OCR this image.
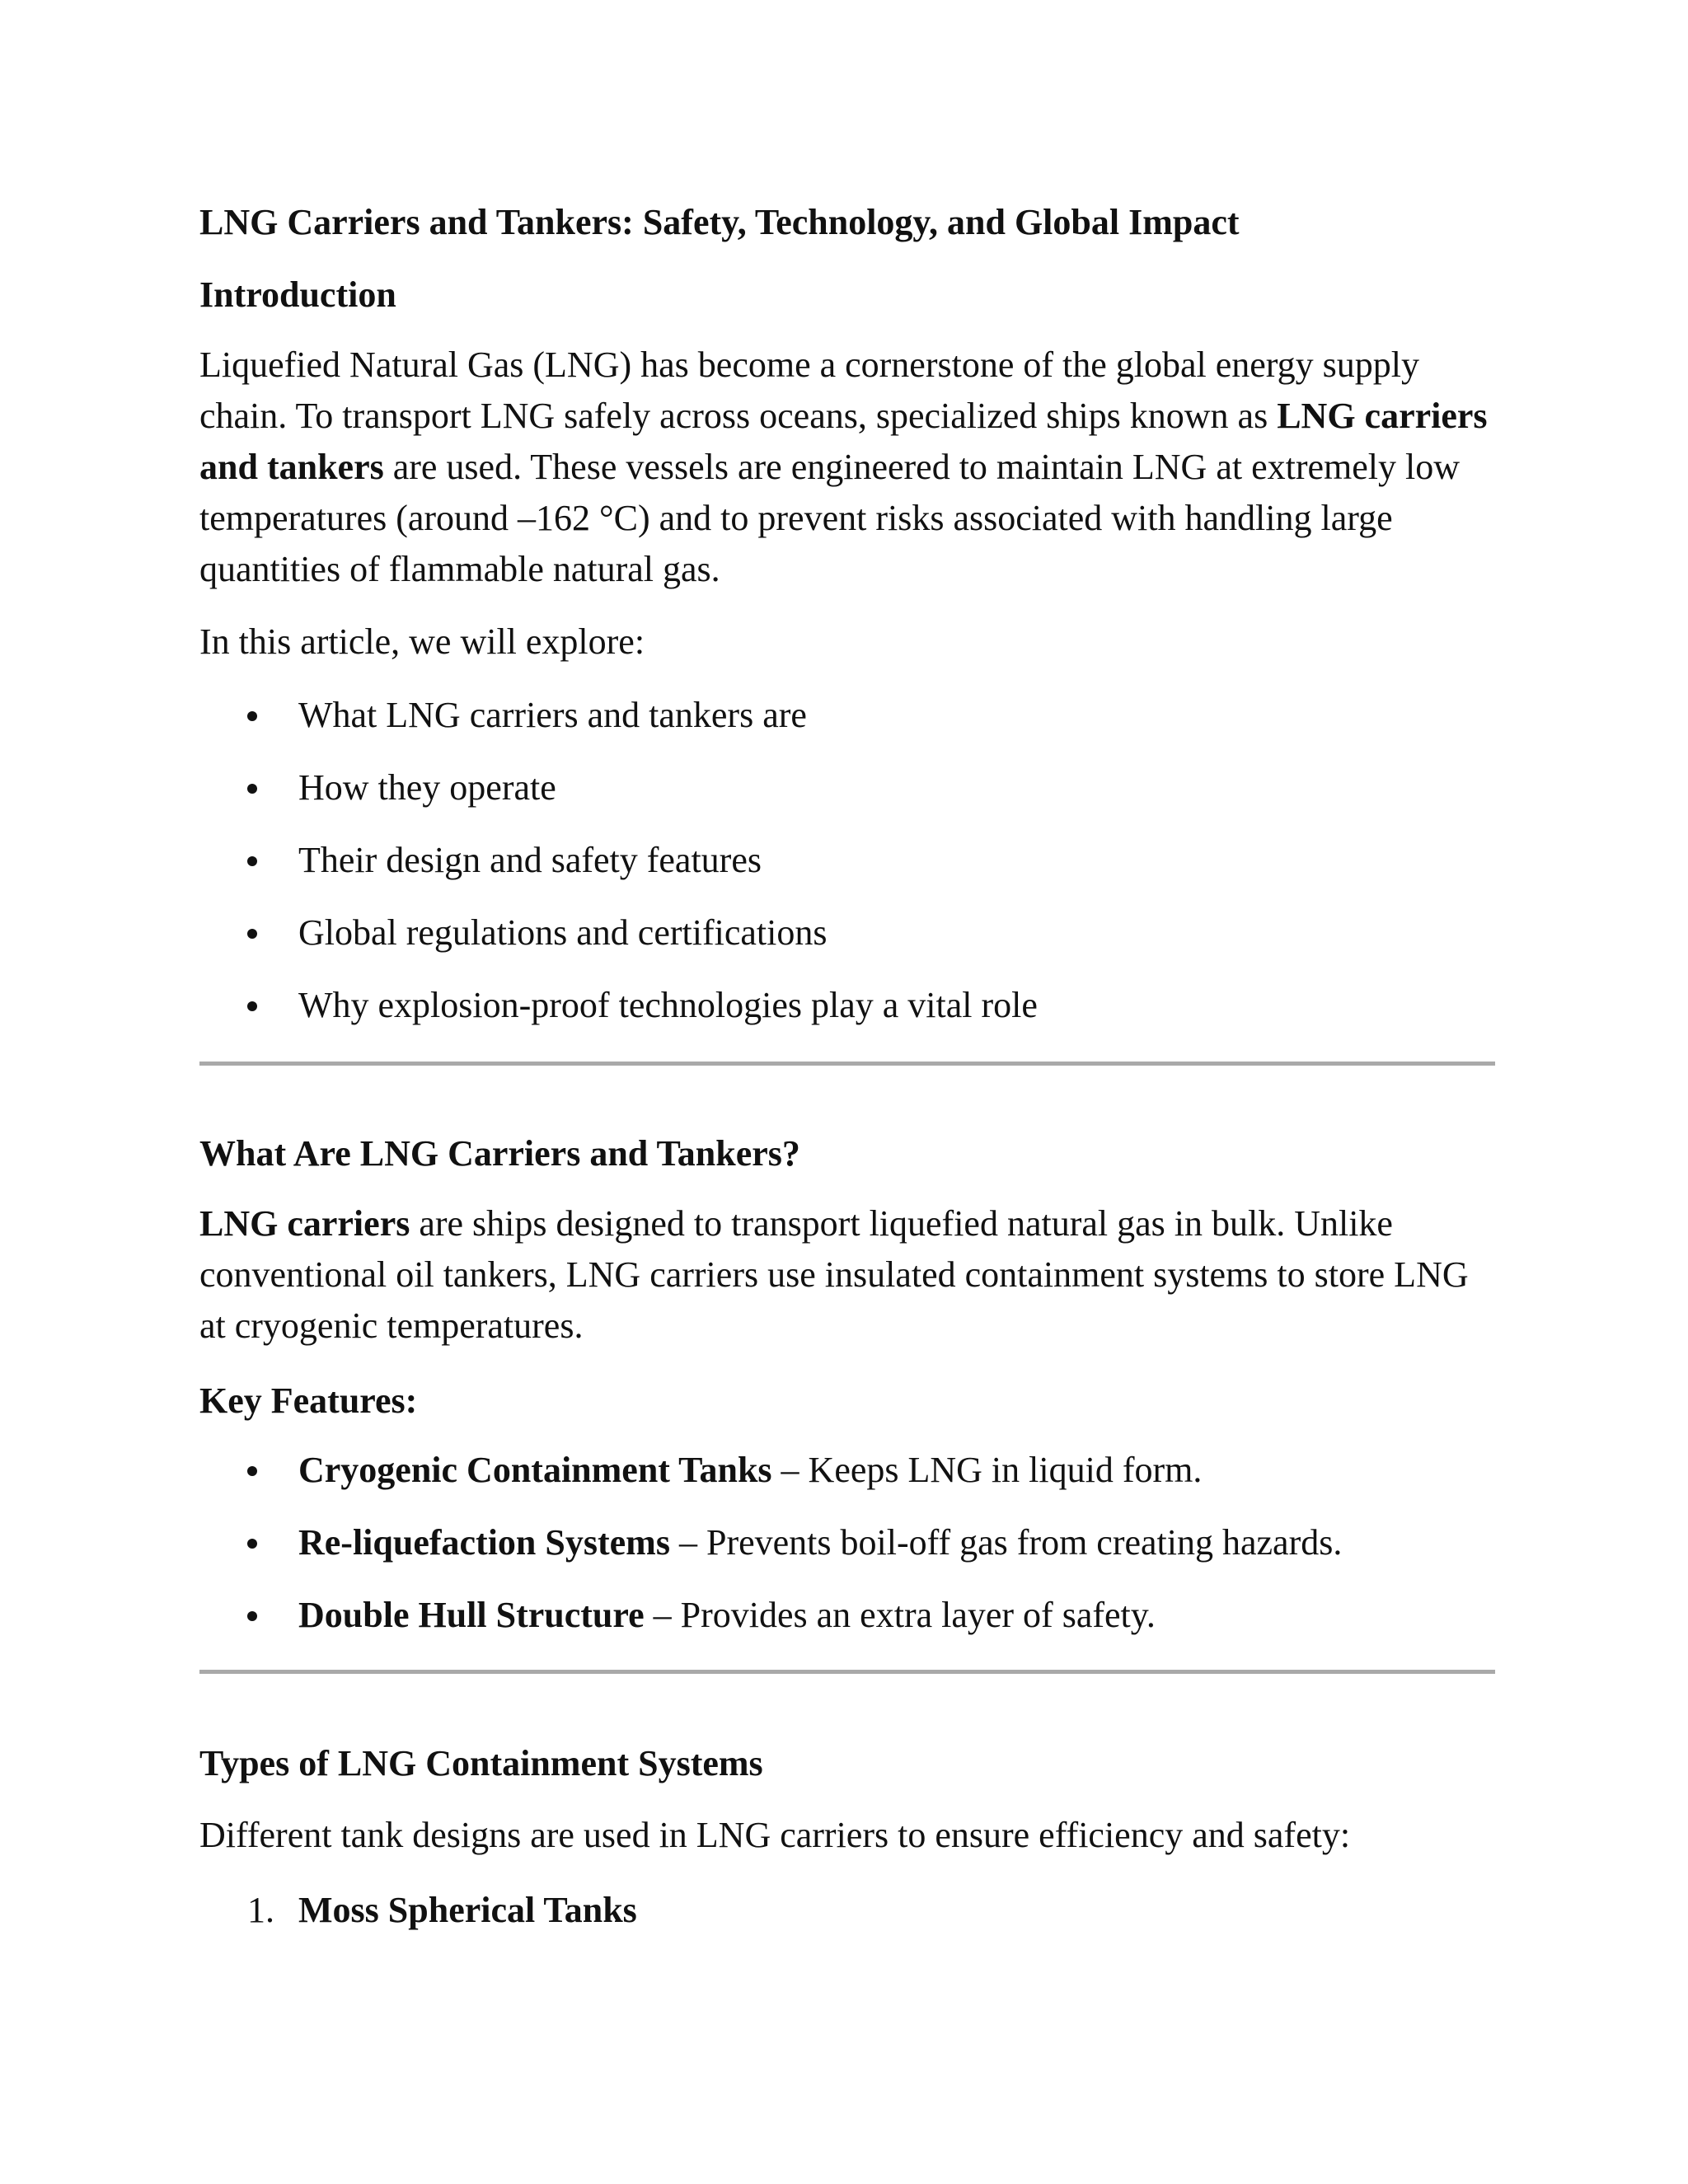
LNG Carriers and Tankers: Safety, Technology, and Global Impact
Introduction

Liquefied Natural Gas (LNG) has become a cornerstone of the global energy supply chain. To transport LNG safely across oceans, specialized ships known as LNG carriers and tankers are used. These vessels are engineered to maintain LNG at extremely low temperatures (around –162 °C) and to prevent risks associated with handling large quantities of flammable natural gas.

In this article, we will explore:

What LNG carriers and tankers are
How they operate
Their design and safety features
Global regulations and certifications
Why explosion-proof technologies play a vital role
What Are LNG Carriers and Tankers?

LNG carriers are ships designed to transport liquefied natural gas in bulk. Unlike conventional oil tankers, LNG carriers use insulated containment systems to store LNG at cryogenic temperatures.

Key Features:
Cryogenic Containment Tanks – Keeps LNG in liquid form.
Re-liquefaction Systems – Prevents boil-off gas from creating hazards.
Double Hull Structure – Provides an extra layer of safety.
Types of LNG Containment Systems

Different tank designs are used in LNG carriers to ensure efficiency and safety:

1. Moss Spherical Tanks
